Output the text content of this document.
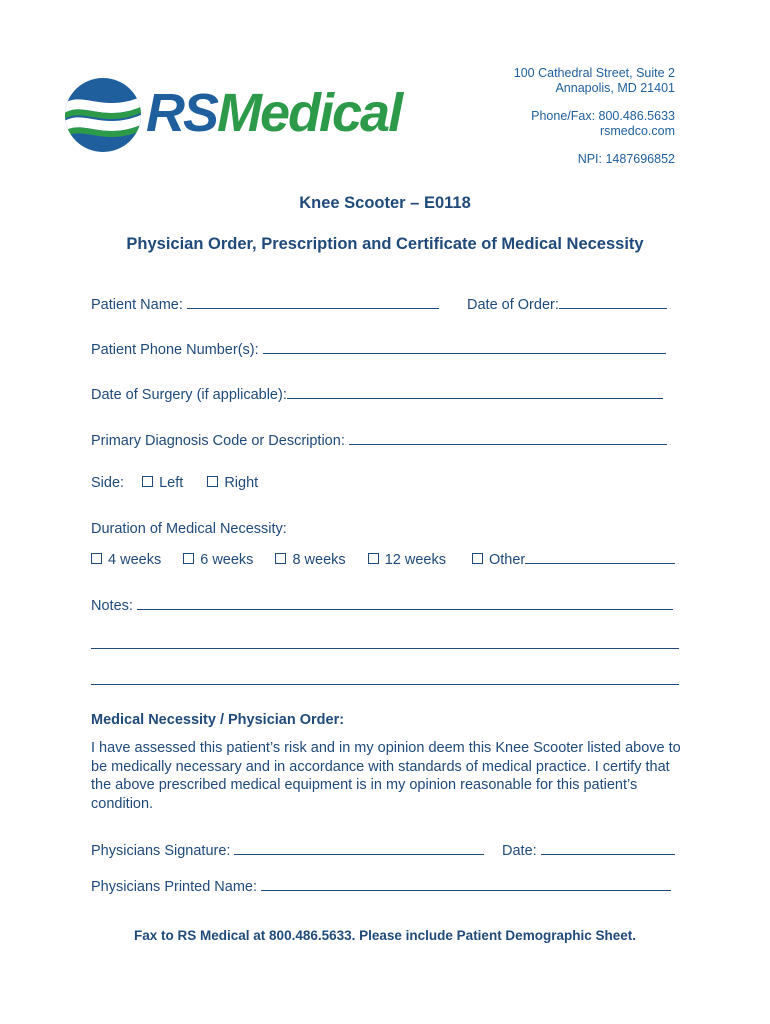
RSMedical
100 Cathedral Street, Suite 2
Annapolis, MD 21401
Phone/Fax: 800.486.5633
rsmedco.com
NPI: 1487696852
Knee Scooter – E0118
Physician Order, Prescription and Certificate of Medical Necessity
Patient Name:	Date of Order:
Patient Phone Number(s):
Date of Surgery (if applicable):
Primary Diagnosis Code or Description:
Side: Left	Right
Duration of Medical Necessity:
4 weeks	6 weeks	8 weeks	12 weeks	Other
Notes:
Medical Necessity / Physician Order:
I have assessed this patient’s risk and in my opinion deem this Knee Scooter listed above to be medically necessary and in accordance with standards of medical practice. I certify that the above prescribed medical equipment is in my opinion reasonable for this patient’s condition.
Physicians Signature:	Date:
Physicians Printed Name:
Fax to RS Medical at 800.486.5633. Please include Patient Demographic Sheet.
